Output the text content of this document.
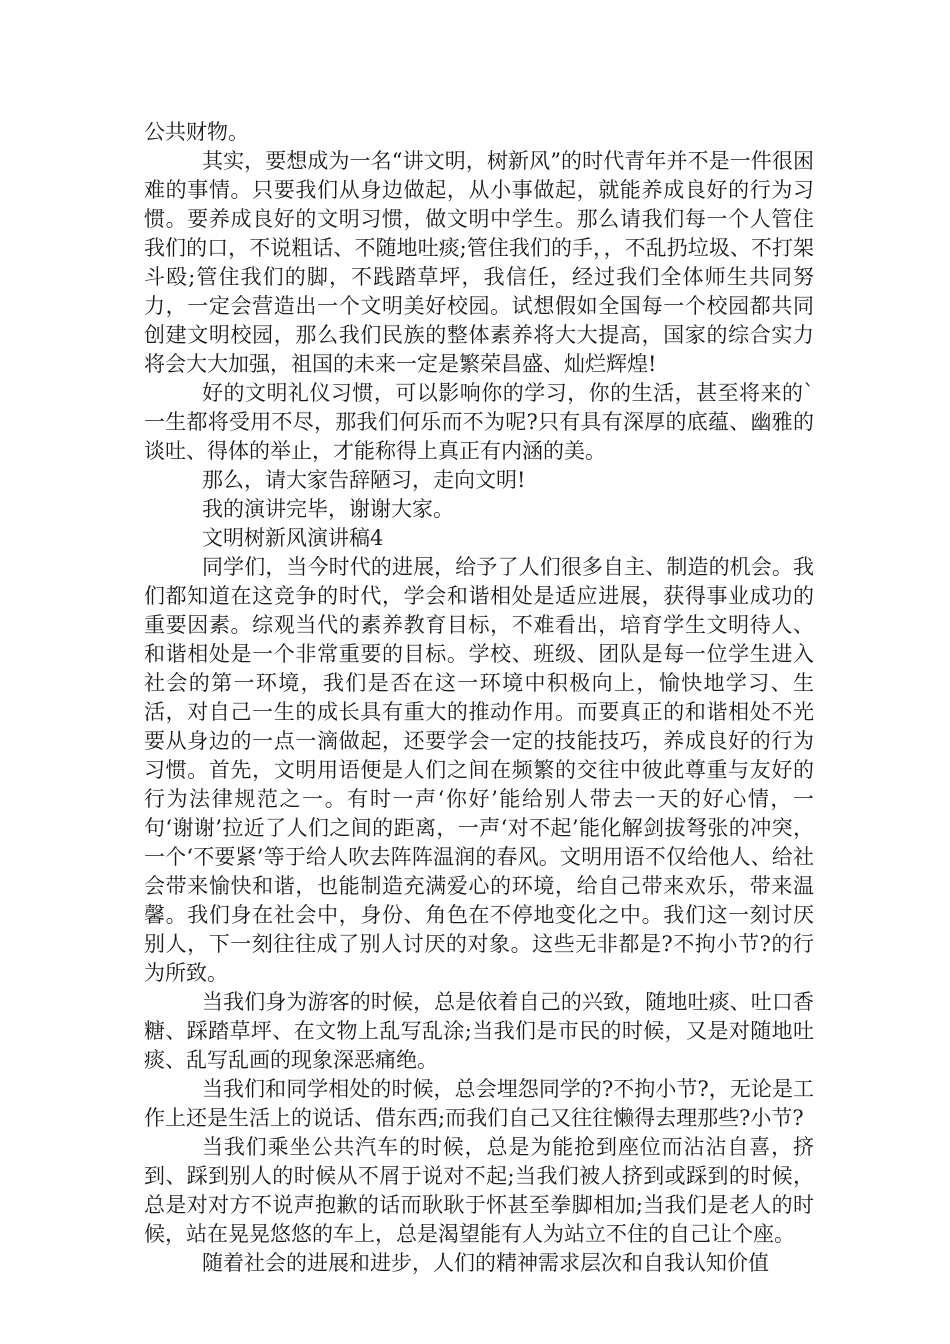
公共财物。

其实，要想成为一名“讲文明，树新风”的时代青年并不是一件很困难的事情。只要我们从身边做起，从小事做起，就能养成良好的行为习惯。要养成良好的文明习惯，做文明中学生。那么请我们每一个人管住我们的口，不说粗话、不随地吐痰;管住我们的手，，不乱扔垃圾、不打架斗殴;管住我们的脚，不践踏草坪，我信任，经过我们全体师生共同努力，一定会营造出一个文明美好校园。试想假如全国每一个校园都共同创建文明校园，那么我们民族的整体素养将大大提高，国家的综合实力将会大大加强，祖国的未来一定是繁荣昌盛、灿烂辉煌!

好的文明礼仪习惯，可以影响你的学习，你的生活，甚至将来的`一生都将受用不尽，那我们何乐而不为呢?只有具有深厚的底蕴、幽雅的谈吐、得体的举止，才能称得上真正有内涵的美。

那么，请大家告辞陋习，走向文明!

我的演讲完毕，谢谢大家。

文明树新风演讲稿4

同学们，当今时代的进展，给予了人们很多自主、制造的机会。我们都知道在这竞争的时代，学会和谐相处是适应进展，获得事业成功的重要因素。综观当代的素养教育目标，不难看出，培育学生文明待人、和谐相处是一个非常重要的目标。学校、班级、团队是每一位学生进入社会的第一环境，我们是否在这一环境中积极向上，愉快地学习、生活，对自己一生的成长具有重大的推动作用。而要真正的和谐相处不光要从身边的一点一滴做起，还要学会一定的技能技巧，养成良好的行为习惯。首先，文明用语便是人们之间在频繁的交往中彼此尊重与友好的行为法律规范之一。有时一声‘你好’能给别人带去一天的好心情，一句‘谢谢’拉近了人们之间的距离，一声‘对不起’能化解剑拔弩张的冲突，一个‘不要紧’等于给人吹去阵阵温润的春风。文明用语不仅给他人、给社会带来愉快和谐，也能制造充满爱心的环境，给自己带来欢乐，带来温馨。我们身在社会中，身份、角色在不停地变化之中。我们这一刻讨厌别人，下一刻往往成了别人讨厌的对象。这些无非都是?不拘小节?的行为所致。

当我们身为游客的时候，总是依着自己的兴致，随地吐痰、吐口香糖、踩踏草坪、在文物上乱写乱涂;当我们是市民的时候，又是对随地吐痰、乱写乱画的现象深恶痛绝。

当我们和同学相处的时候，总会埋怨同学的?不拘小节?，无论是工作上还是生活上的说话、借东西;而我们自己又往往懒得去理那些?小节?

当我们乘坐公共汽车的时候，总是为能抢到座位而沾沾自喜，挤到、踩到别人的时候从不屑于说对不起;当我们被人挤到或踩到的时候，总是对对方不说声抱歉的话而耿耿于怀甚至拳脚相加;当我们是老人的时候，站在晃晃悠悠的车上，总是渴望能有人为站立不住的自己让个座。

随着社会的进展和进步，人们的精神需求层次和自我认知价值
